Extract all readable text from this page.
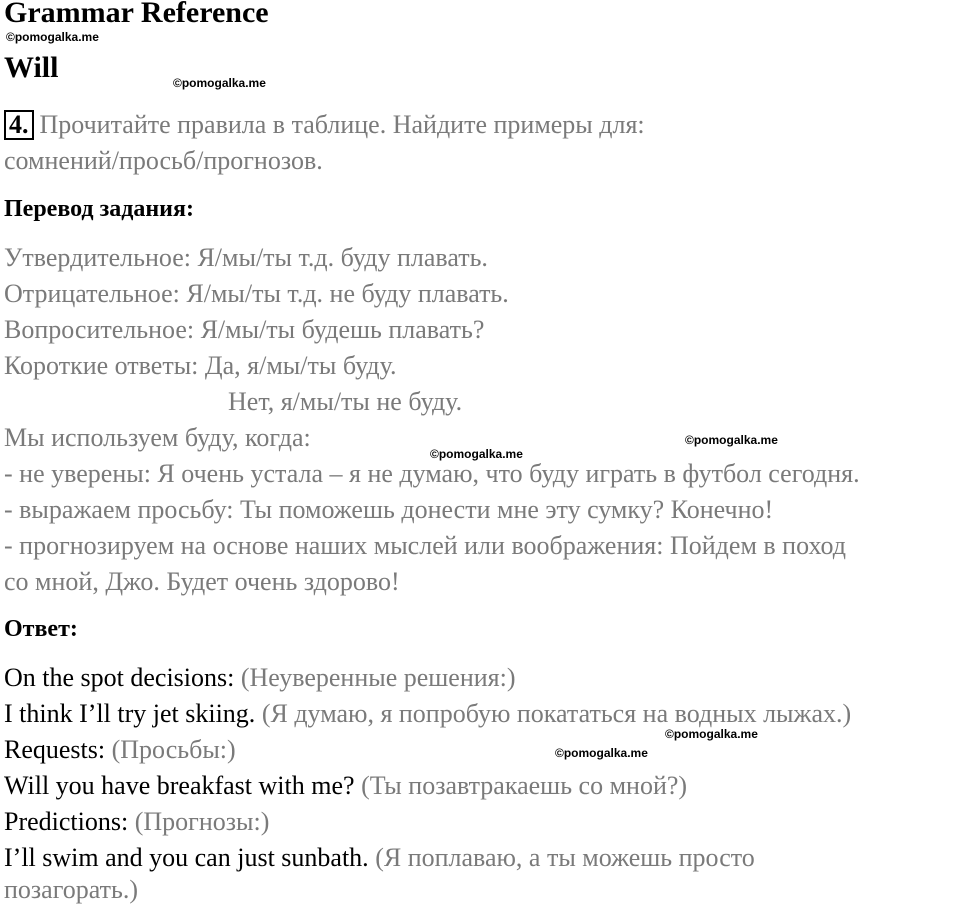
Grammar Reference
©pomogalka.me
Will	©pomogalka.me
4. Прочитайте правила в таблице. Найдите примеры для:
сомнений/просьб/прогнозов.
Перевод задания:
Утвердительное: Я/мы/ты т.д. буду плавать.
Отрицательное: Я/мы/ты т.д. не буду плавать.
Вопросительное: Я/мы/ты будешь плавать?
Короткие ответы: Да, я/мы/ты буду.
Нет, я/мы/ты не буду.
Мы используем буду, когда:
©pomogalka.me
©pomogalka.me
- не уверены: Я очень устала – я не думаю, что буду играть в футбол сегодня.
- выражаем просьбу: Ты поможешь донести мне эту сумку? Конечно!
- прогнозируем на основе наших мыслей или воображения: Пойдем в поход
со мной, Джо. Будет очень здорово!
Ответ:
On the spot decisions: (Неуверенные решения:)
I think I’ll try jet skiing. (Я думаю, я попробую покататься на водных лыжах.)
©pomogalka.me
Requests: (Просьбы:)	©pomogalka.me
Will you have breakfast with me? (Ты позавтракаешь со мной?)
Predictions: (Прогнозы:)
I’ll swim and you can just sunbath. (Я поплаваю, а ты можешь просто
позагорать.)
